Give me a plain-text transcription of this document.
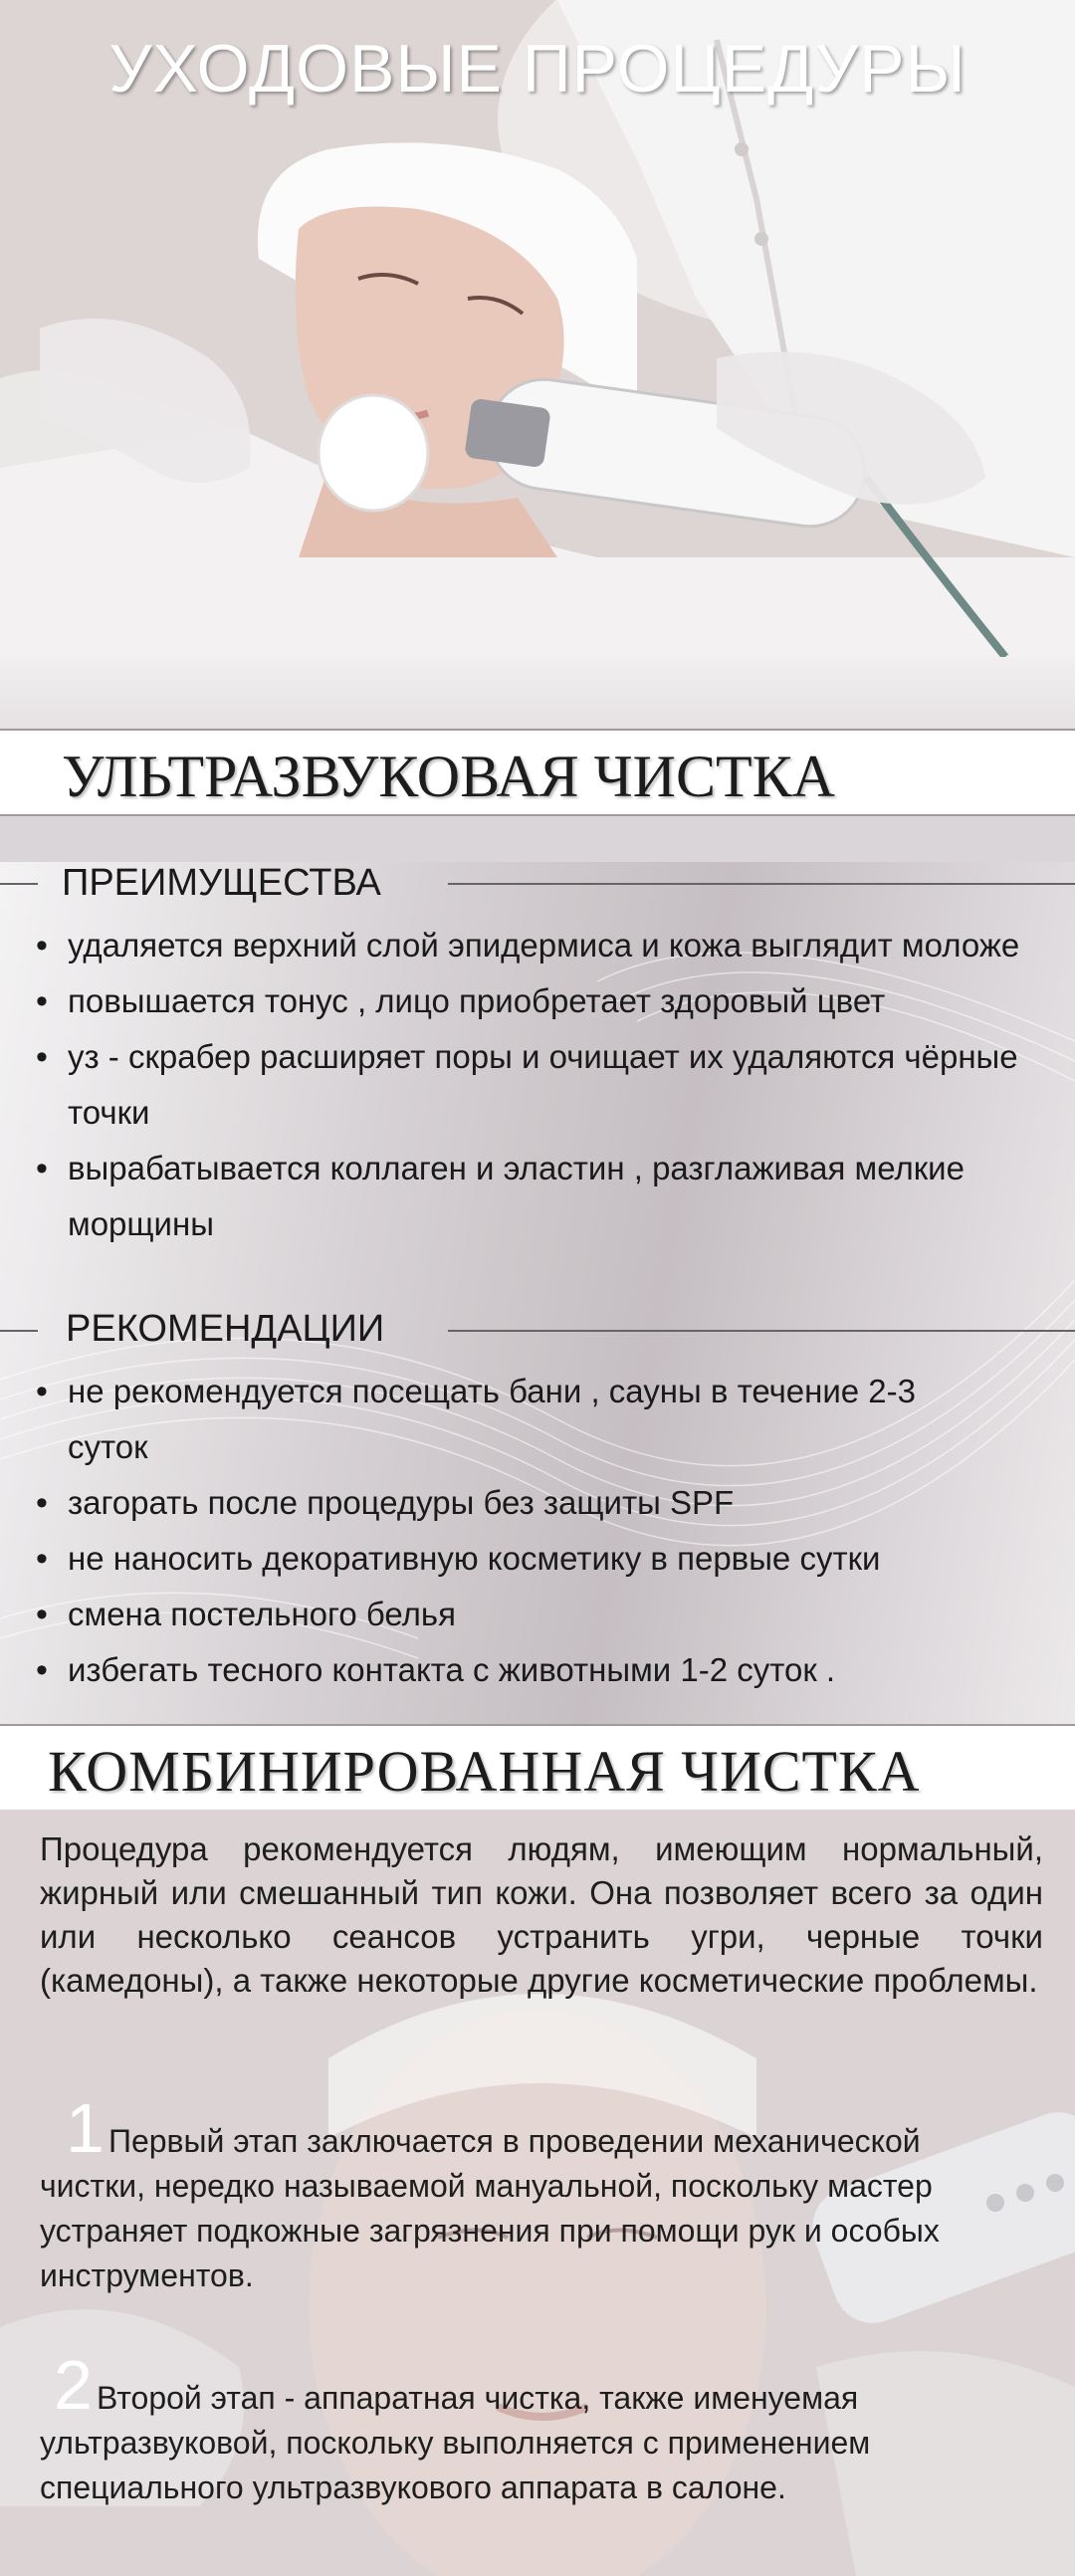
УХОДОВЫЕ ПРОЦЕДУРЫ
УЛЬТРАЗВУКОВАЯ ЧИСТКА
ПРЕИМУЩЕСТВА
• удаляется верхний слой эпидермиса и кожа выглядит моложе
• повышается тонус , лицо приобретает здоровый цвет
• уз - скрабер расширяет поры и очищает их удаляются чёрные точки
• вырабатывается коллаген и эластин , разглаживая мелкие морщины
РЕКОМЕНДАЦИИ
• не рекомендуется посещать бани , сауны в течение 2-3 суток
• загорать после процедуры без защиты SPF
• не наносить декоративную косметику в первые сутки
• смена постельного белья
• избегать тесного контакта с животными 1-2 суток .
КОМБИНИРОВАННАЯ ЧИСТКА
Процедура рекомендуется людям, имеющим нормальный, жирный или смешанный тип кожи. Она позволяет всего за один или несколько сеансов устранить угри, черные точки (камедоны), а также некоторые другие косметические проблемы.
1 Первый этап заключается в проведении механической чистки, нередко называемой мануальной, поскольку мастер устраняет подкожные загрязнения при помощи рук и особых инструментов.
2 Второй этап - аппаратная чистка, также именуемая ультразвуковой, поскольку выполняется с применением специального ультразвукового аппарата в салоне.
